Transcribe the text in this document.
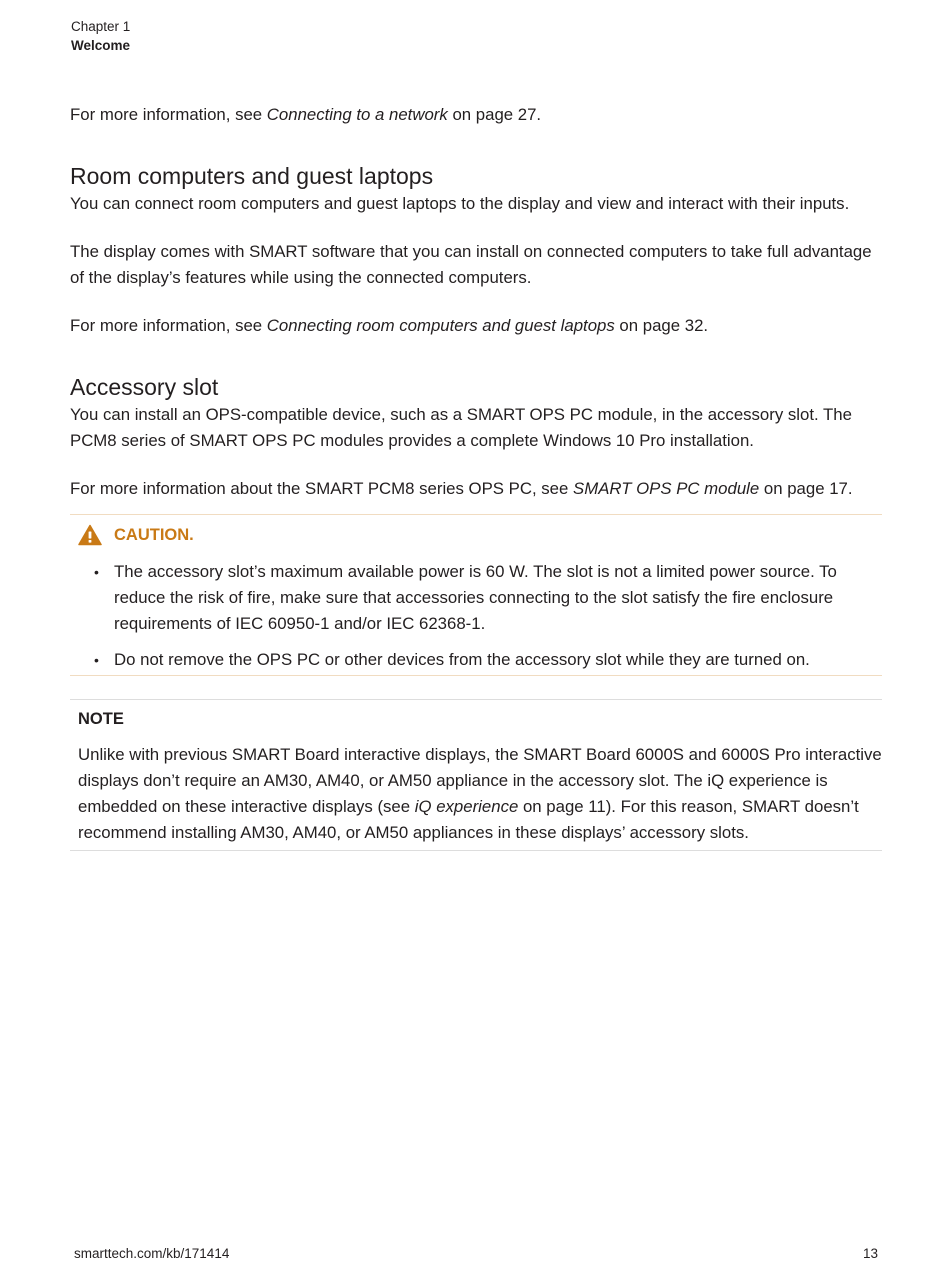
Chapter 1
Welcome

For more information, see Connecting to a network on page 27.

Room computers and guest laptops

You can connect room computers and guest laptops to the display and view and interact with their inputs.

The display comes with SMART software that you can install on connected computers to take full advantage of the display’s features while using the connected computers.

For more information, see Connecting room computers and guest laptops on page 32.

Accessory slot

You can install an OPS-compatible device, such as a SMART OPS PC module, in the accessory slot. The PCM8 series of SMART OPS PC modules provides a complete Windows 10 Pro installation.

For more information about the SMART PCM8 series OPS PC, see SMART OPS PC module on page 17.

CAUTION.
• The accessory slot’s maximum available power is 60 W. The slot is not a limited power source. To reduce the risk of fire, make sure that accessories connecting to the slot satisfy the fire enclosure requirements of IEC 60950-1 and/or IEC 62368-1.
• Do not remove the OPS PC or other devices from the accessory slot while they are turned on.
NOTE

Unlike with previous SMART Board interactive displays, the SMART Board 6000S and 6000S Pro interactive displays don’t require an AM30, AM40, or AM50 appliance in the accessory slot. The iQ experience is embedded on these interactive displays (see iQ experience on page 11). For this reason, SMART doesn’t recommend installing AM30, AM40, or AM50 appliances in these displays’ accessory slots.

smarttech.com/kb/171414	13
